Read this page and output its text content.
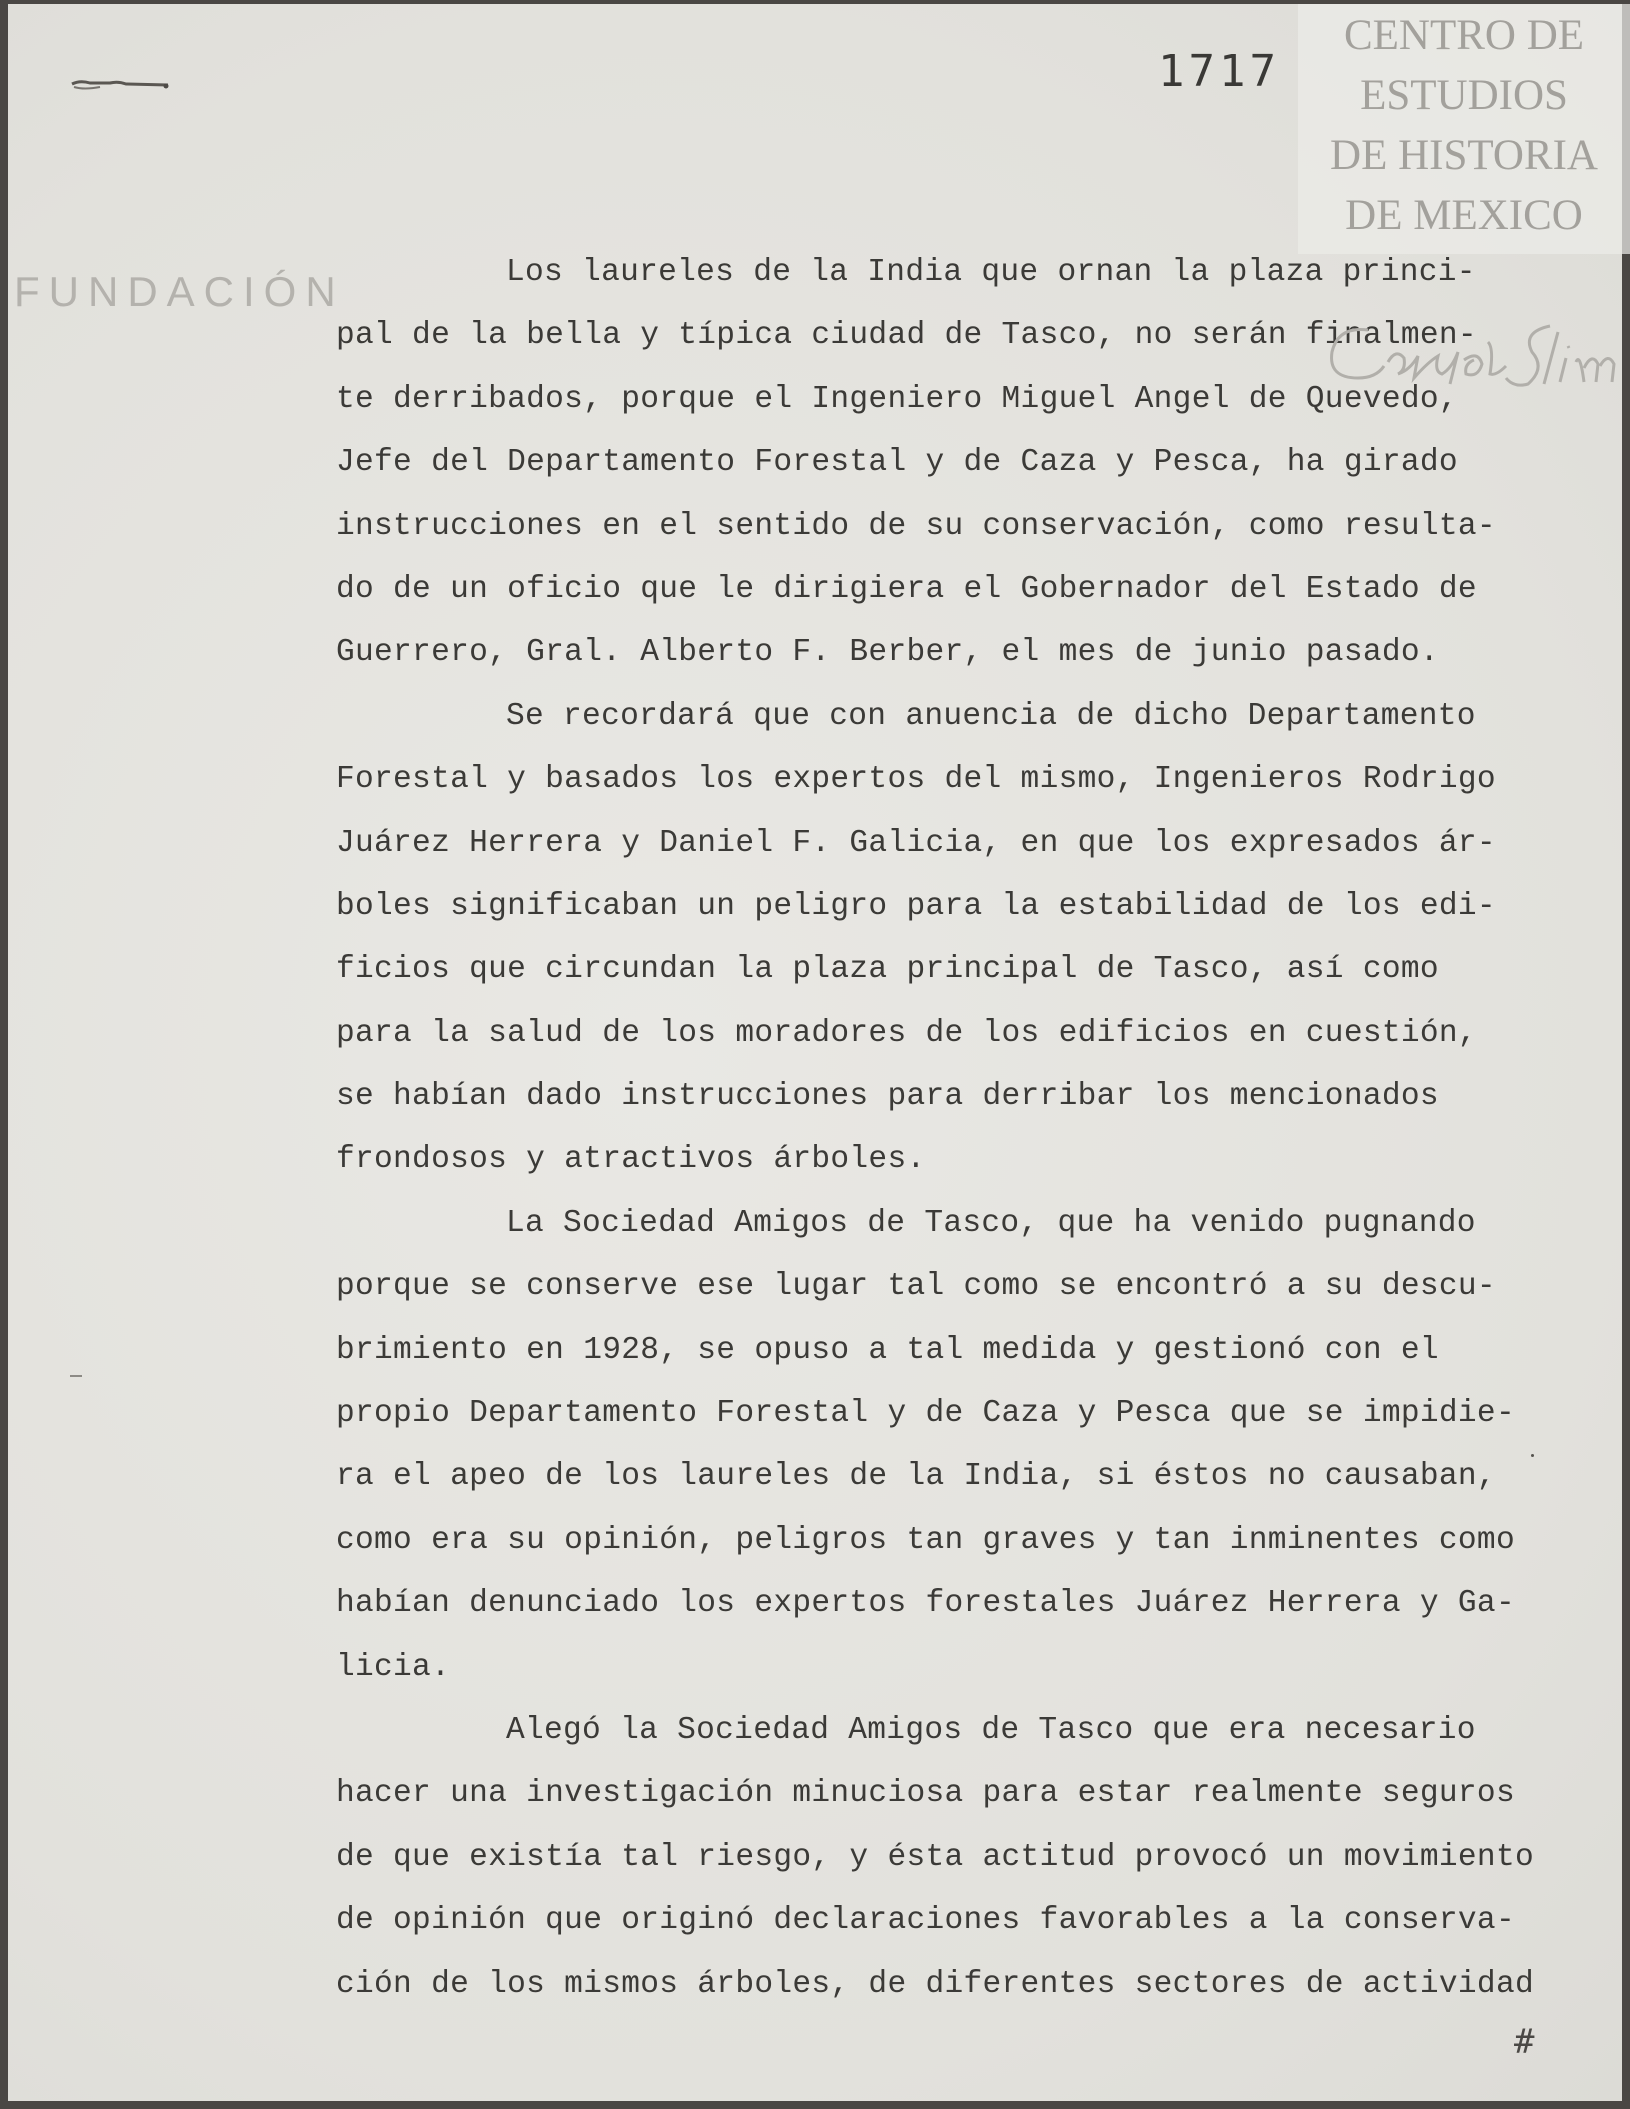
1717
Los laureles de la India que ornan la plaza princi-
pal de la bella y típica ciudad de Tasco, no serán finalmen-
te derribados, porque el Ingeniero Miguel Angel de Quevedo,
Jefe del Departamento Forestal y de Caza y Pesca, ha girado
instrucciones en el sentido de su conservación, como resulta-
do de un oficio que le dirigiera el Gobernador del Estado de
Guerrero, Gral. Alberto F. Berber, el mes de junio pasado.
Se recordará que con anuencia de dicho Departamento
Forestal y basados los expertos del mismo, Ingenieros Rodrigo
Juárez Herrera y Daniel F. Galicia, en que los expresados ár-
boles significaban un peligro para la estabilidad de los edi-
ficios que circundan la plaza principal de Tasco, así como
para la salud de los moradores de los edificios en cuestión,
se habían dado instrucciones para derribar los mencionados
frondosos y atractivos árboles.
La Sociedad Amigos de Tasco, que ha venido pugnando
porque se conserve ese lugar tal como se encontró a su descu-
brimiento en 1928, se opuso a tal medida y gestionó con el
propio Departamento Forestal y de Caza y Pesca que se impidie-
ra el apeo de los laureles de la India, si éstos no causaban,
como era su opinión, peligros tan graves y tan inminentes como
habían denunciado los expertos forestales Juárez Herrera y Ga-
licia.
Alegó la Sociedad Amigos de Tasco que era necesario
hacer una investigación minuciosa para estar realmente seguros
de que existía tal riesgo, y ésta actitud provocó un movimiento
de opinión que originó declaraciones favorables a la conserva-
ción de los mismos árboles, de diferentes sectores de actividad
#
CENTRO DE
ESTUDIOS
DE HISTORIA
DE MEXICO
FUNDACIÓN
